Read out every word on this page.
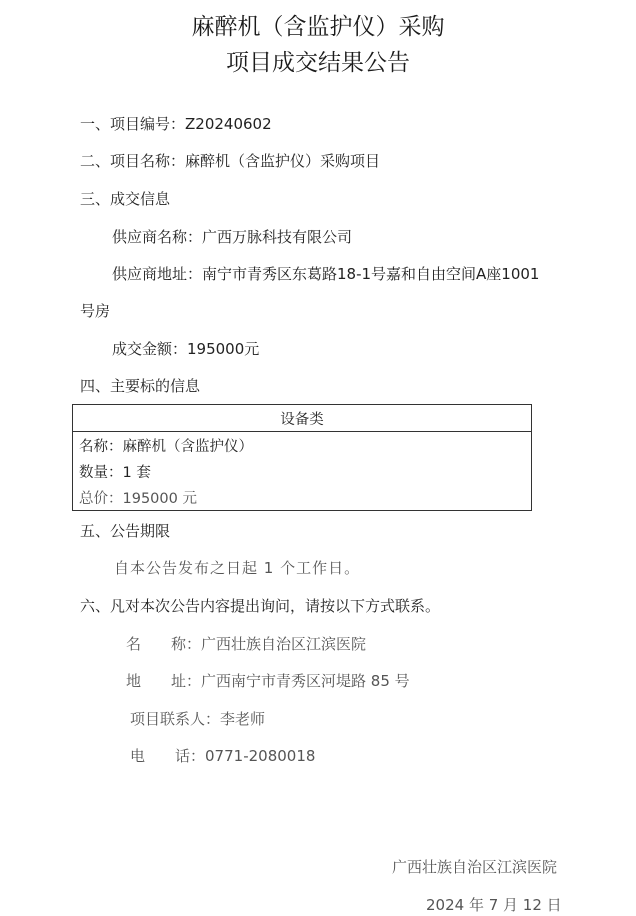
麻醉机（含监护仪）采购
项目成交结果公告
一、项目编号：Z20240602
二、项目名称：麻醉机（含监护仪）采购项目
三、成交信息
供应商名称：广西万脉科技有限公司
供应商地址：南宁市青秀区东葛路18-1号嘉和自由空间A座1001
号房
成交金额：195000元
四、主要标的信息
设备类
名称：麻醉机（含监护仪）
数量：1 套
总价：195000 元
五、公告期限
自本公告发布之日起 1 个工作日。
六、凡对本次公告内容提出询问，请按以下方式联系。
名　　称：广西壮族自治区江滨医院
地　　址：广西南宁市青秀区河堤路 85 号
项目联系人：李老师
电　　话：0771-2080018
广西壮族自治区江滨医院
2024 年 7 月 12 日
